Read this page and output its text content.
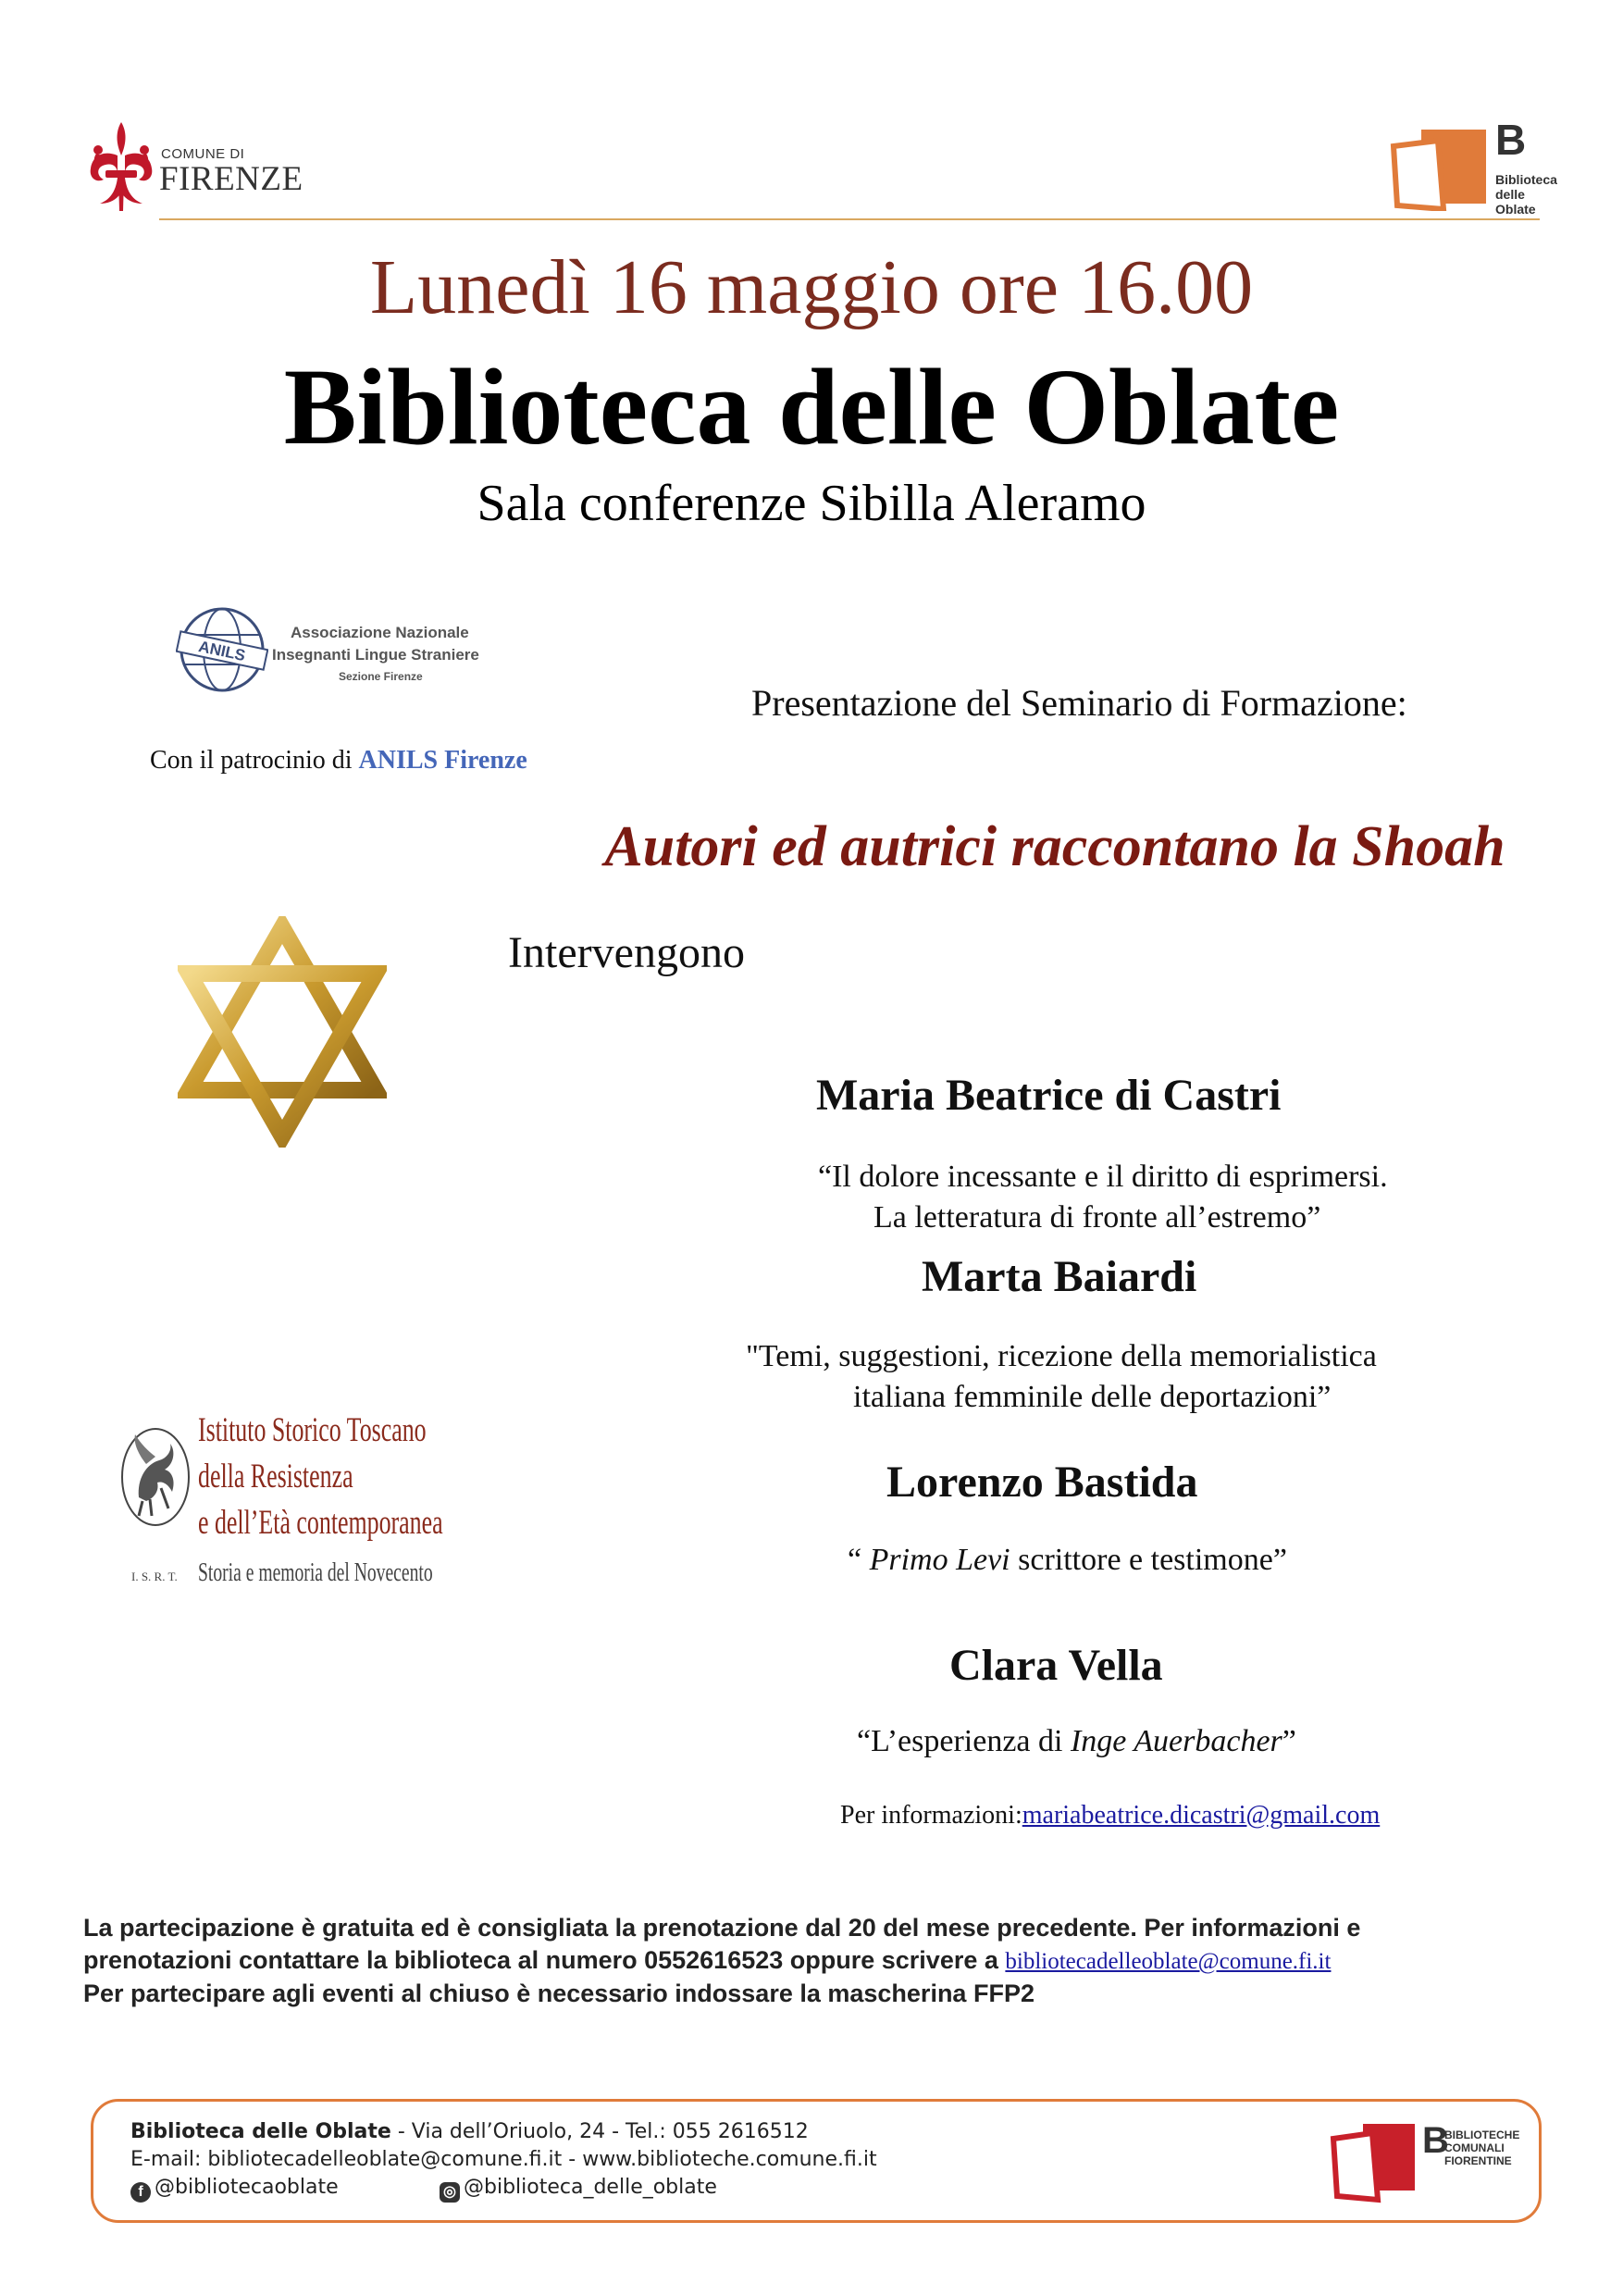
COMUNE DI
FIRENZE
B
Biblioteca
delle Oblate
Lunedì 16 maggio ore 16.00
Biblioteca delle Oblate
Sala conferenze Sibilla Aleramo
ANILS
Associazione Nazionale
Insegnanti Lingue Straniere
Sezione Firenze
Con il patrocinio di ANILS Firenze
Presentazione del Seminario di Formazione:
Autori ed autrici raccontano la Shoah
Intervengono
Maria Beatrice di Castri
“Il dolore incessante e il diritto di esprimersi.
La letteratura di fronte all’estremo”
Marta Baiardi
"Temi, suggestioni, ricezione della memorialistica
italiana femminile delle deportazioni”
Lorenzo Bastida
“ Primo Levi scrittore e testimone”
Clara Vella
“L’esperienza di Inge Auerbacher”
Per informazioni:mariabeatrice.dicastri@gmail.com
Istituto Storico Toscano
della Resistenza
e dell’Età contemporanea
I. S. R. T. Storia e memoria del Novecento
La partecipazione è gratuita ed è consigliata la prenotazione dal 20 del mese precedente. Per informazioni e
prenotazioni contattare la biblioteca al numero 0552616523 oppure scrivere a bibliotecadelleoblate@comune.fi.it
Per partecipare agli eventi al chiuso è necessario indossare la mascherina FFP2
Biblioteca delle Oblate - Via dell’Oriuolo, 24 - Tel.: 055 2616512
E-mail: bibliotecadelleoblate@comune.fi.it - www.biblioteche.comune.fi.it
f @bibliotecaoblate	◎ @biblioteca_delle_oblate
B
BIBLIOTECHE
COMUNALI
FIORENTINE
